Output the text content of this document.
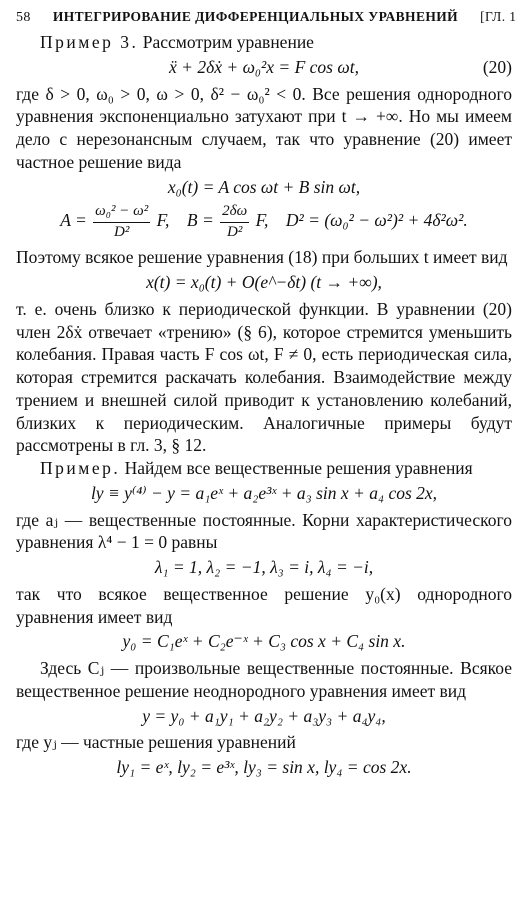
58 ИНТЕГРИРОВАНИЕ ДИФФЕРЕНЦИАЛЬНЫХ УРАВНЕНИЙ [ГЛ. 1

Пример 3. Рассмотрим уравнение

ẍ + 2δẋ + ω₀²x = F cos ωt,	(20)

где δ > 0, ω₀ > 0, ω > 0, δ² − ω₀² < 0. Все решения однородного уравнения экспоненциально затухают при t → +∞. Но мы имеем дело с нерезонансным случаем, так что уравнение (20) имеет частное решение вида

x₀(t) = A cos ωt + B sin ωt,
$A = \frac{\text{ω₀² − ω²}}{\text{D²}} F$, $B = \frac{2\delta\omega}{\text{D²}} F$, D² = (ω₀² − ω²)² + 4δ²ω².

Поэтому всякое решение уравнения (18) при больших t имеет вид

x(t) = x₀(t) + O(e^−δt) (t → +∞),

т. е. очень близко к периодической функции. В уравнении (20) член 2δẋ отвечает «трению» (§ 6), которое стремится уменьшить колебания. Правая часть F cos ωt, F ≠ 0, есть периодическая сила, которая стремится раскачать колебания. Взаимодействие между трением и внешней силой приводит к установлению колебаний, близких к периодическим. Аналогичные примеры будут рассмотрены в гл. 3, § 12.

Пример. Найдем все вещественные решения уравнения

ly ≡ y⁽⁴⁾ − y = a₁eˣ + a₂e³ˣ + a₃ sin x + a₄ cos 2x,

где aⱼ — вещественные постоянные. Корни характеристического уравнения λ⁴ − 1 = 0 равны

λ₁ = 1, λ₂ = −1, λ₃ = i, λ₄ = −i,

так что всякое вещественное решение y₀(x) однородного уравнения имеет вид

y₀ = C₁eˣ + C₂e⁻ˣ + C₃ cos x + C₄ sin x.

Здесь Cⱼ — произвольные вещественные постоянные. Всякое вещественное решение неоднородного уравнения имеет вид

y = y₀ + a₁y₁ + a₂y₂ + a₃y₃ + a₄y₄,

где yⱼ — частные решения уравнений

ly₁ = eˣ, ly₂ = e³ˣ, ly₃ = sin x, ly₄ = cos 2x.
